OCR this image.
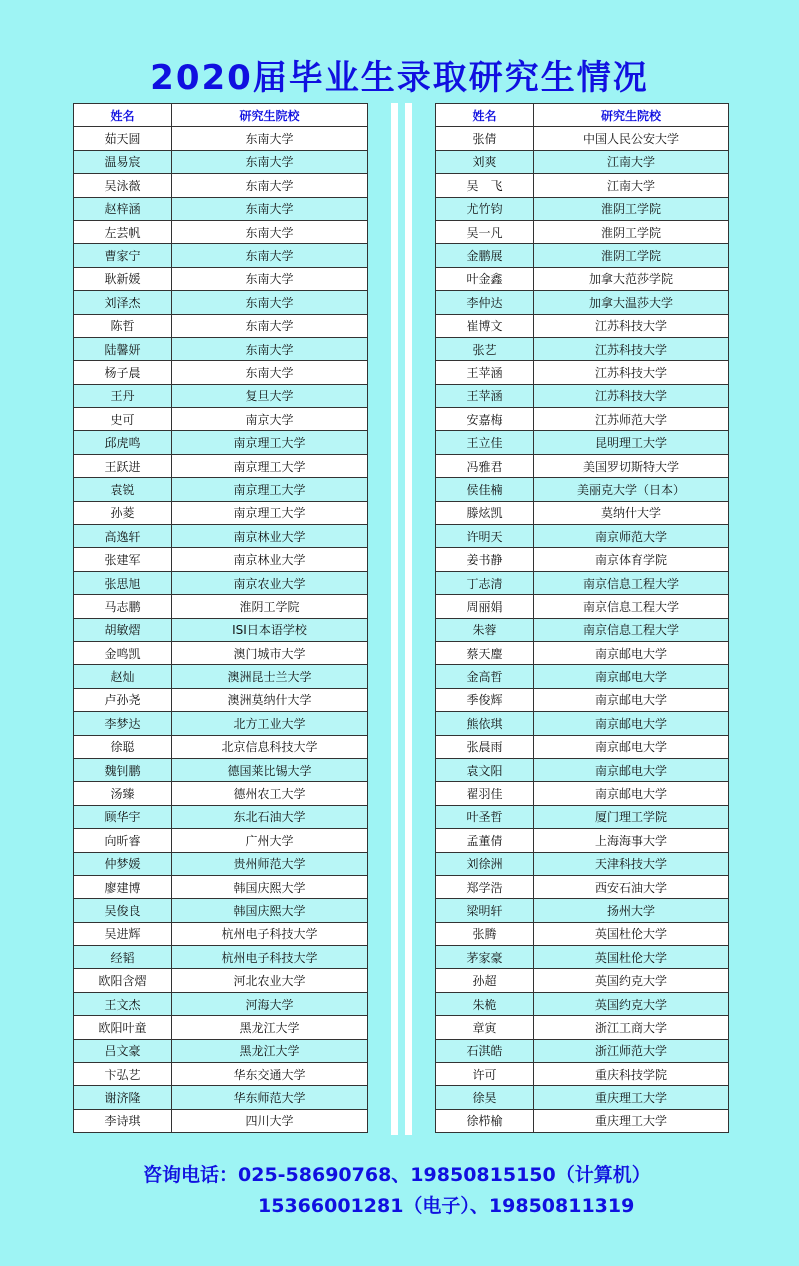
2020届毕业生录取研究生情况
姓名	研究生院校
茹天圆	东南大学
温易宸	东南大学
吴泳薇	东南大学
赵梓涵	东南大学
左芸帆	东南大学
曹家宁	东南大学
耿新媛	东南大学
刘泽杰	东南大学
陈哲	东南大学
陆馨妍	东南大学
杨子晨	东南大学
王丹	复旦大学
史可	南京大学
邱虎鸣	南京理工大学
王跃进	南京理工大学
袁锐	南京理工大学
孙菱	南京理工大学
高逸轩	南京林业大学
张建军	南京林业大学
张思旭	南京农业大学
马志鹏	淮阴工学院
胡敏熠	ISI日本语学校
金鸣凯	澳门城市大学
赵灿	澳洲昆士兰大学
卢孙尧	澳洲莫纳什大学
李梦达	北方工业大学
徐聪	北京信息科技大学
魏钊鹏	德国莱比锡大学
汤臻	德州农工大学
顾华宇	东北石油大学
向昕睿	广州大学
仲梦媛	贵州师范大学
廖建博	韩国庆熙大学
吴俊良	韩国庆熙大学
吴进辉	杭州电子科技大学
经韬	杭州电子科技大学
欧阳含熠	河北农业大学
王文杰	河海大学
欧阳叶童	黑龙江大学
吕文豪	黑龙江大学
卞弘艺	华东交通大学
谢济隆	华东师范大学
李诗琪	四川大学
姓名	研究生院校
张倩	中国人民公安大学
刘爽	江南大学
吴　飞	江南大学
尤竹钧	淮阴工学院
吴一凡	淮阴工学院
金鹏展	淮阴工学院
叶金鑫	加拿大范莎学院
李仲达	加拿大温莎大学
崔博文	江苏科技大学
张艺	江苏科技大学
王苹涵	江苏科技大学
王苹涵	江苏科技大学
安嘉梅	江苏师范大学
王立佳	昆明理工大学
冯雅君	美国罗切斯特大学
侯佳楠	美丽克大学（日本）
滕炫凯	莫纳什大学
许明天	南京师范大学
姜书静	南京体育学院
丁志清	南京信息工程大学
周丽娟	南京信息工程大学
朱蓉	南京信息工程大学
蔡天麈	南京邮电大学
金高哲	南京邮电大学
季俊辉	南京邮电大学
熊依琪	南京邮电大学
张晨雨	南京邮电大学
袁文阳	南京邮电大学
翟羽佳	南京邮电大学
叶圣哲	厦门理工学院
孟董倩	上海海事大学
刘徐洲	天津科技大学
郑学浩	西安石油大学
梁明轩	扬州大学
张腾	英国杜伦大学
茅家豪	英国杜伦大学
孙超	英国约克大学
朱桅	英国约克大学
章寅	浙江工商大学
石淇皓	浙江师范大学
许可	重庆科技学院
徐昊	重庆理工大学
徐栉榆	重庆理工大学
咨询电话：025-58690768、19850815150（计算机）
15366001281（电子）、19850811319
